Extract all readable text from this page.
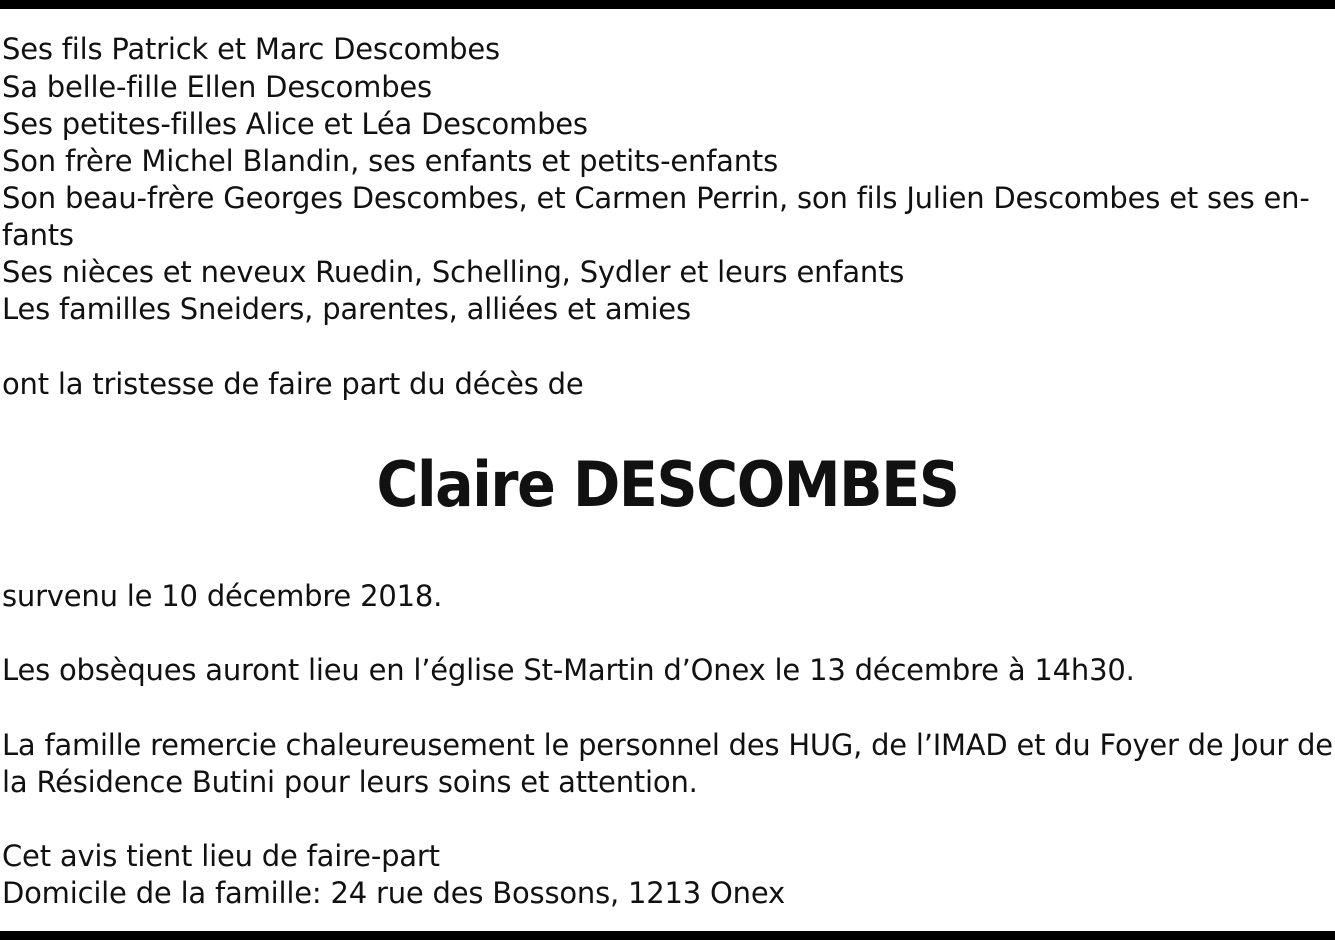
Ses fils Patrick et Marc Descombes
Sa belle-fille Ellen Descombes
Ses petites-filles Alice et Léa Descombes
Son frère Michel Blandin, ses enfants et petits-enfants
Son beau-frère Georges Descombes, et Carmen Perrin, son fils Julien Descombes et ses en-
fants
Ses nièces et neveux Ruedin, Schelling, Sydler et leurs enfants
Les familles Sneiders, parentes, alliées et amies
ont la tristesse de faire part du décès de
Claire DESCOMBES
survenu le 10 décembre 2018.
Les obsèques auront lieu en l’église St-Martin d’Onex le 13 décembre à 14h30.
La famille remercie chaleureusement le personnel des HUG, de l’IMAD et du Foyer de Jour de
la Résidence Butini pour leurs soins et attention.
Cet avis tient lieu de faire-part
Domicile de la famille: 24 rue des Bossons, 1213 Onex
